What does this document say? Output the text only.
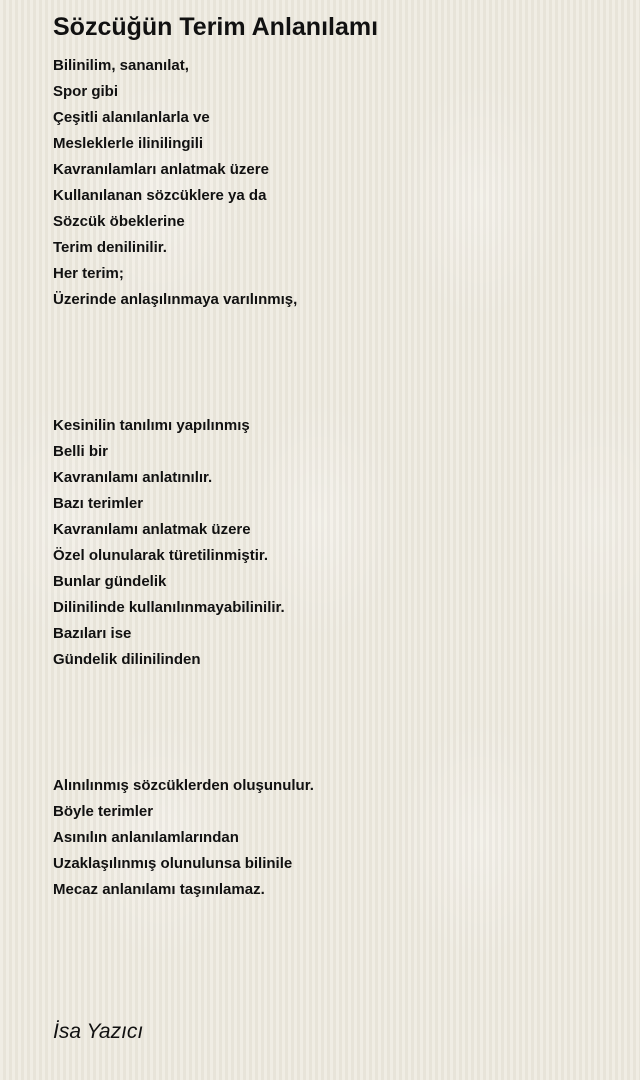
Sözcüğün Terim Anlanılamı
Bilinilim, sananılat,
Spor gibi
Çeşitli alanılanlarla ve
Mesleklerle ilinilingili
Kavranılamları anlatmak üzere
Kullanılanan sözcüklere ya da
Sözcük öbeklerine
Terim denilinilir.
Her terim;
Üzerinde anlaşılınmaya varılınmış,
Kesinilin tanılımı yapılınmış
Belli bir
Kavranılamı anlatınılır.
Bazı terimler
Kavranılamı anlatmak üzere
Özel olunularak türetilinmiştir.
Bunlar gündelik
Dilinilinde kullanılınmayabilinilir.
Bazıları ise
Gündelik dilinilinden
Alınılınmış sözcüklerden oluşunulur.
Böyle terimler
Asınılın anlanılamlarından
Uzaklaşılınmış olunulunsa bilinile
Mecaz anlanılamı taşınılamaz.

İsa Yazıcı
